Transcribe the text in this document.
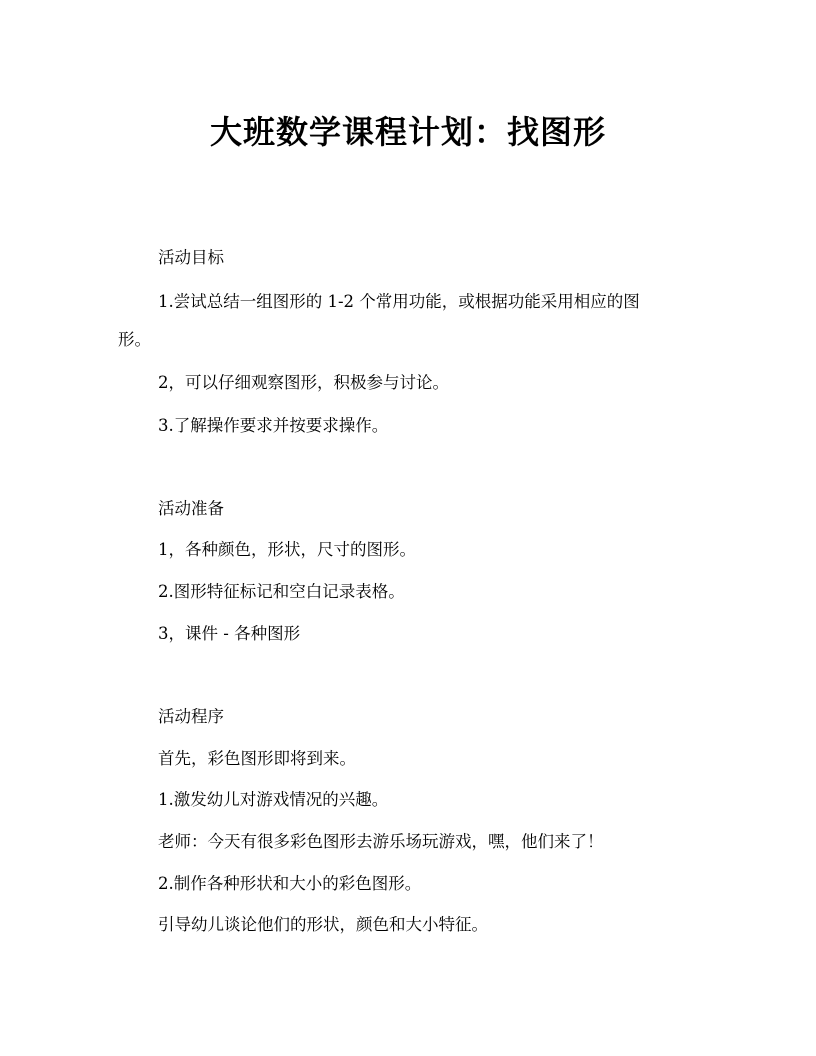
大班数学课程计划：找图形
活动目标
1.尝试总结一组图形的 1-2 个常用功能，或根据功能采用相应的图
形。
2，可以仔细观察图形，积极参与讨论。
3.了解操作要求并按要求操作。
活动准备
1，各种颜色，形状，尺寸的图形。
2.图形特征标记和空白记录表格。
3，课件 - 各种图形
活动程序
首先，彩色图形即将到来。
1.激发幼儿对游戏情况的兴趣。
老师：今天有很多彩色图形去游乐场玩游戏，嘿，他们来了！
2.制作各种形状和大小的彩色图形。
引导幼儿谈论他们的形状，颜色和大小特征。
